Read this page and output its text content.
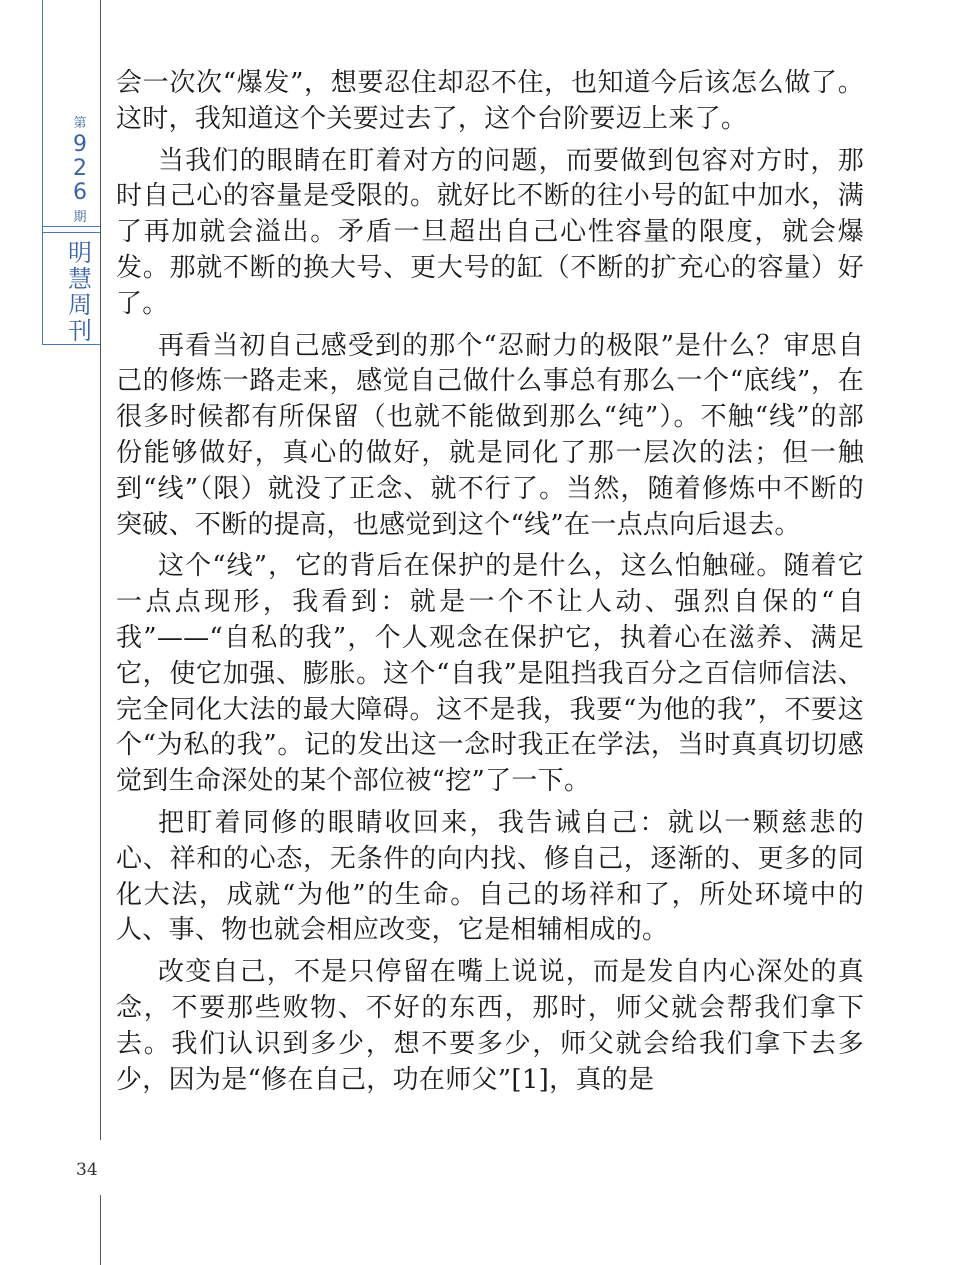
第
9
2
6
期
明
慧
周
刊
34

会一次次“爆发”，想要忍住却忍不住，也知道今后该怎么做了。这时，我知道这个关要过去了，这个台阶要迈上来了。

当我们的眼睛在盯着对方的问题，而要做到包容对方时，那时自己心的容量是受限的。就好比不断的往小号的缸中加水，满了再加就会溢出。矛盾一旦超出自己心性容量的限度，就会爆发。那就不断的换大号、更大号的缸（不断的扩充心的容量）好了。

再看当初自己感受到的那个“忍耐力的极限”是什么？审思自己的修炼一路走来，感觉自己做什么事总有那么一个“底线”，在很多时候都有所保留（也就不能做到那么“纯”）。不触“线”的部份能够做好，真心的做好，就是同化了那一层次的法；但一触到“线”（限）就没了正念、就不行了。当然，随着修炼中不断的突破、不断的提高，也感觉到这个“线”在一点点向后退去。

这个“线”，它的背后在保护的是什么，这么怕触碰。随着它一点点现形，我看到：就是一个不让人动、强烈自保的“自我”——“自私的我”，个人观念在保护它，执着心在滋养、满足它，使它加强、膨胀。这个“自我”是阻挡我百分之百信师信法、完全同化大法的最大障碍。这不是我，我要“为他的我”，不要这个“为私的我”。记的发出这一念时我正在学法，当时真真切切感觉到生命深处的某个部位被“挖”了一下。

把盯着同修的眼睛收回来，我告诫自己：就以一颗慈悲的心、祥和的心态，无条件的向内找、修自己，逐渐的、更多的同化大法，成就“为他”的生命。自己的场祥和了，所处环境中的人、事、物也就会相应改变，它是相辅相成的。

改变自己，不是只停留在嘴上说说，而是发自内心深处的真念，不要那些败物、不好的东西，那时，师父就会帮我们拿下去。我们认识到多少，想不要多少，师父就会给我们拿下去多少，因为是“修在自己，功在师父”[1]，真的是
